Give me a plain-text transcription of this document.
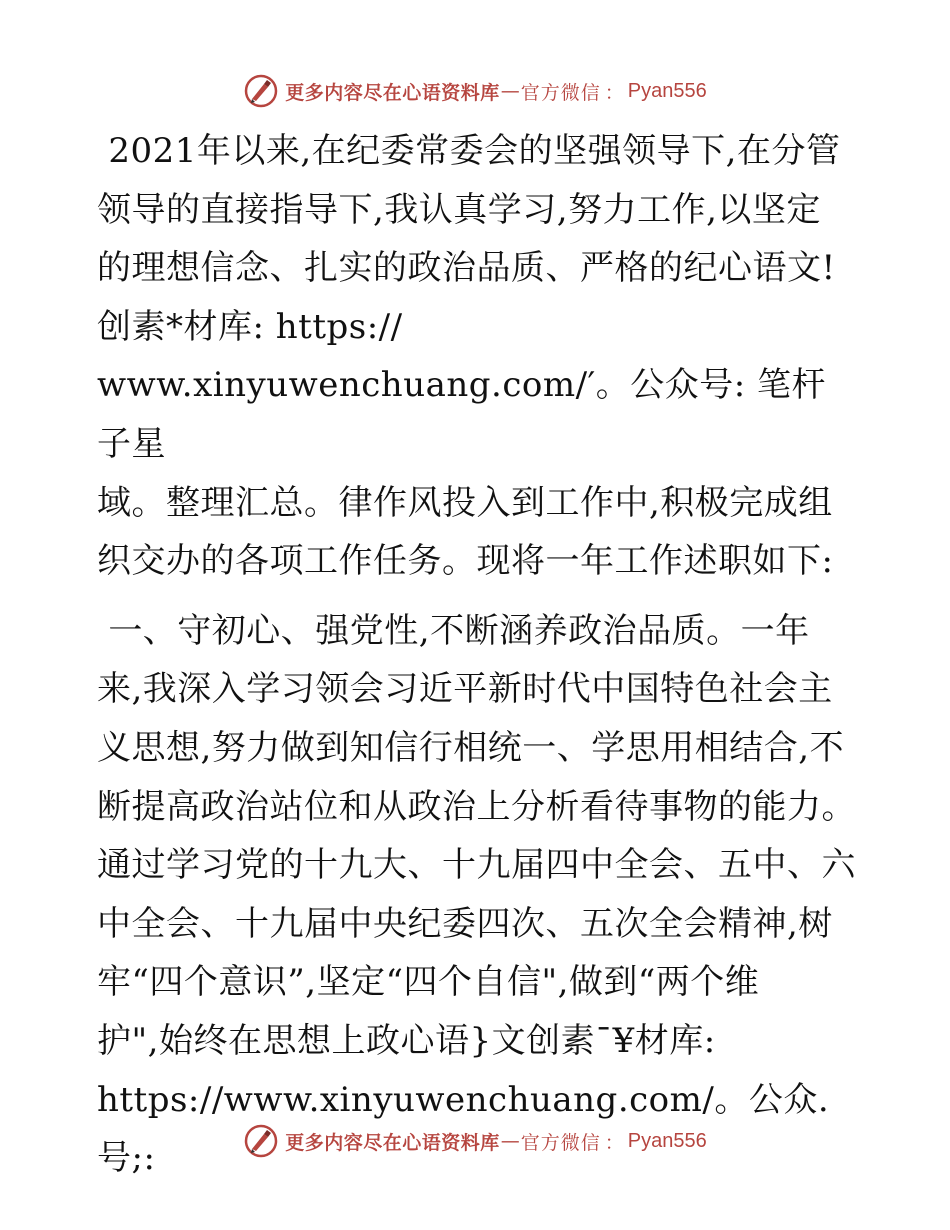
更多内容尽在心语资料库 — 官方微信 ： Pyan556

2021年以来,在纪委常委会的坚强领导下,在分管
领导的直接指导下,我认真学习,努力工作,以坚定
的理想信念、扎实的政治品质、严格的纪心语文!
创素*材库: https://
www.xinyuwenchuang.com/′。公众号: 笔杆子星
域。整理汇总。律作风投入到工作中,积极完成组
织交办的各项工作任务。现将一年工作述职如下:

一、守初心、强党性,不断涵养政治品质。一年
来,我深入学习领会习近平新时代中国特色社会主
义思想,努力做到知信行相统一、学思用相结合,不
断提高政治站位和从政治上分析看待事物的能力。
通过学习党的十九大、十九届四中全会、五中、六
中全会、十九届中央纪委四次、五次全会精神,树
牢“四个意识”,坚定“四个自信",做到“两个维
护",始终在思想上政心语}文创素¯¥材库:
https://www.xinyuwenchuang.com/。公众.号;:	更多内容尽在心语资料库 — 官方微信 ： Pyan556
